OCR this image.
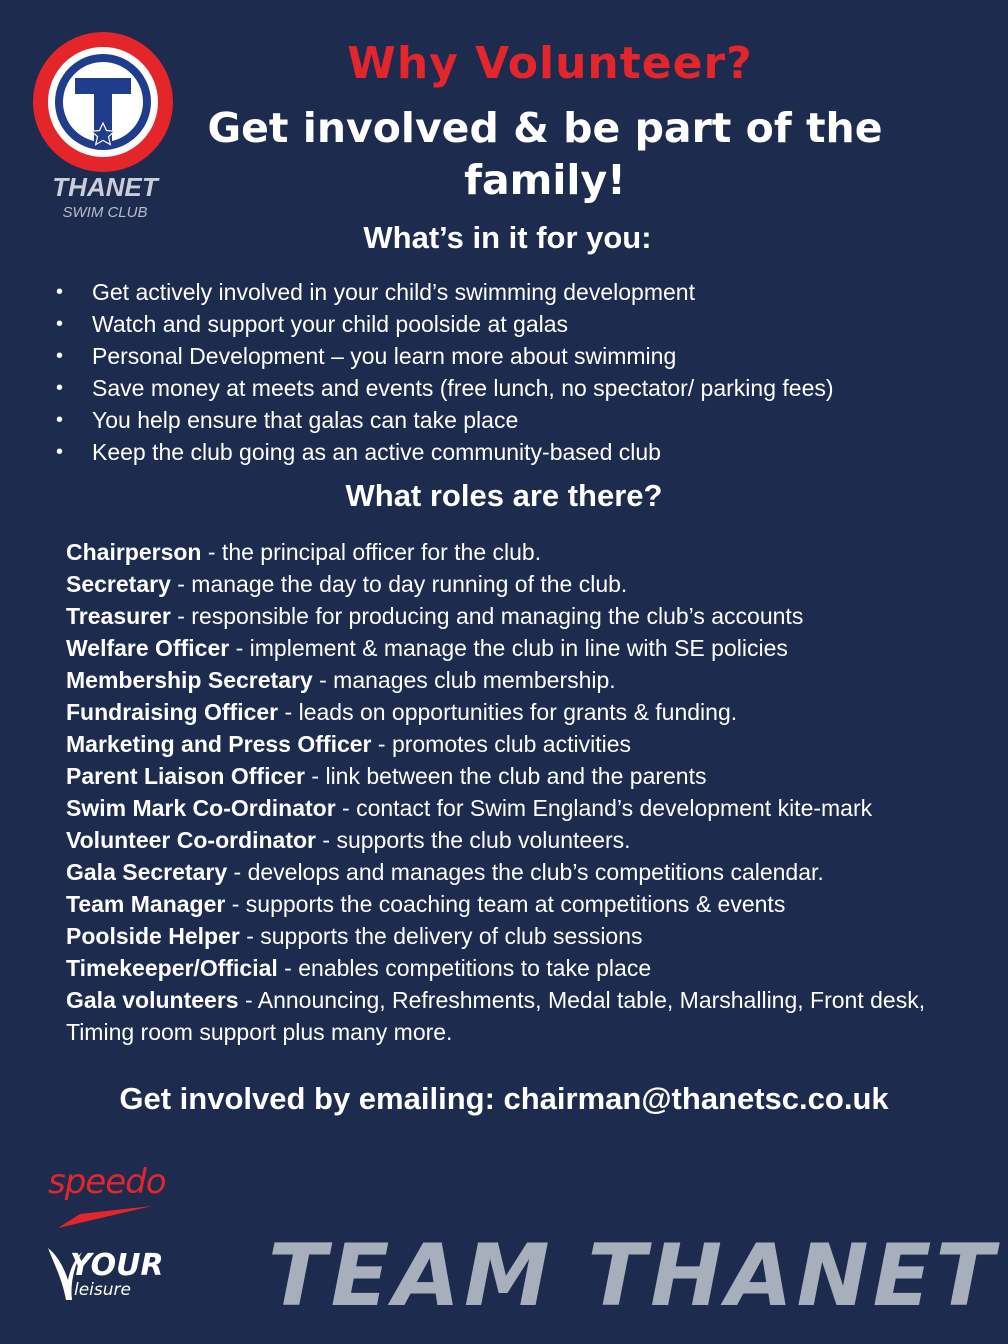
THANET
SWIM CLUB
Why Volunteer?
Get involved & be part of the
family!
What’s in it for you:
• Get actively involved in your child’s swimming development
• Watch and support your child poolside at galas
• Personal Development – you learn more about swimming
• Save money at meets and events (free lunch, no spectator/ parking fees)
• You help ensure that galas can take place
• Keep the club going as an active community-based club
What roles are there?
Chairperson - the principal officer for the club.
Secretary - manage the day to day running of the club.
Treasurer - responsible for producing and managing the club’s accounts
Welfare Officer - implement & manage the club in line with SE policies
Membership Secretary - manages club membership.
Fundraising Officer - leads on opportunities for grants & funding.
Marketing and Press Officer - promotes club activities
Parent Liaison Officer - link between the club and the parents
Swim Mark Co-Ordinator - contact for Swim England’s development kite-mark
Volunteer Co-ordinator - supports the club volunteers.
Gala Secretary - develops and manages the club’s competitions calendar.
Team Manager - supports the coaching team at competitions & events
Poolside Helper - supports the delivery of club sessions
Timekeeper/Official - enables competitions to take place
Gala volunteers - Announcing, Refreshments, Medal table, Marshalling, Front desk, Timing room support plus many more.
Get involved by emailing: chairman@thanetsc.co.uk
speedo
YOUR
leisure TEAM THANET
